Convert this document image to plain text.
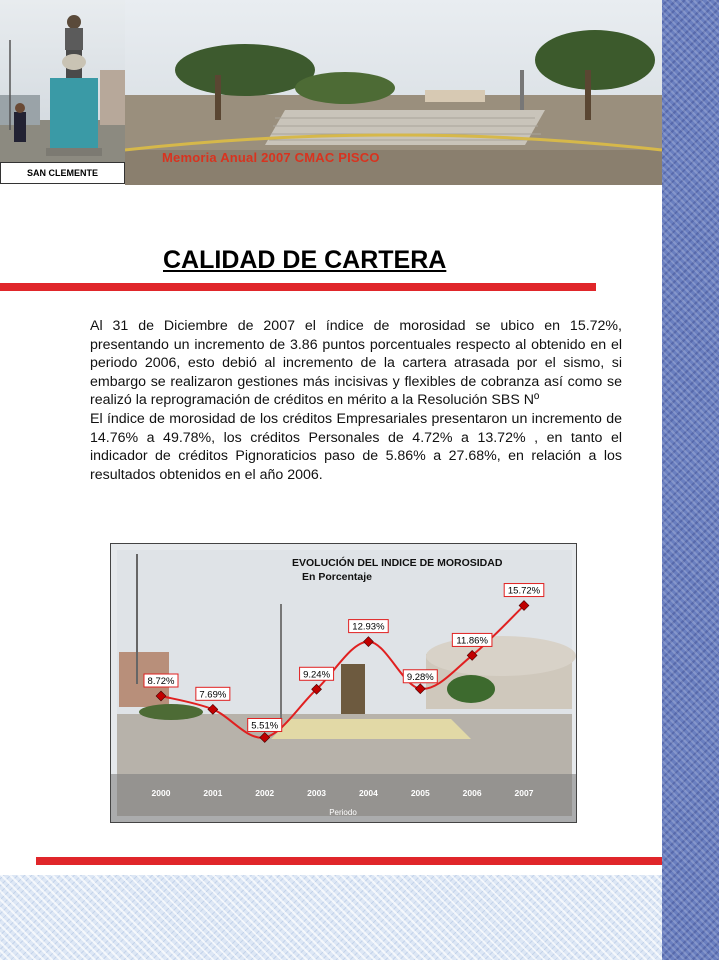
SAN CLEMENTE
Memoria Anual 2007 CMAC PISCO
CALIDAD DE CARTERA

Al 31 de Diciembre de 2007 el índice de morosidad se ubico en 15.72%, presentando un incremento de 3.86 puntos porcentuales respecto al obtenido en el periodo 2006, esto debió al incremento de la cartera atrasada por el sismo, si embargo se realizaron gestiones más incisivas y flexibles de cobranza así como se realizó la reprogramación de créditos en mérito a la Resolución SBS Nº

El índice de morosidad de los créditos Empresariales presentaron un incremento de 14.76% a 49.78%, los créditos Personales de 4.72% a 13.72% , en tanto el indicador de créditos Pignoraticios paso de 5.86% a 27.68%, en relación a los resultados obtenidos en el año 2006.

8.72%
2000
7.69%
2001
5.51%
2002
9.24%
2003
12.93%
2004
9.28%
2005
11.86%
2006
15.72%
2007
EVOLUCIÓN DEL INDICE DE MOROSIDAD
En Porcentaje
Periodo
